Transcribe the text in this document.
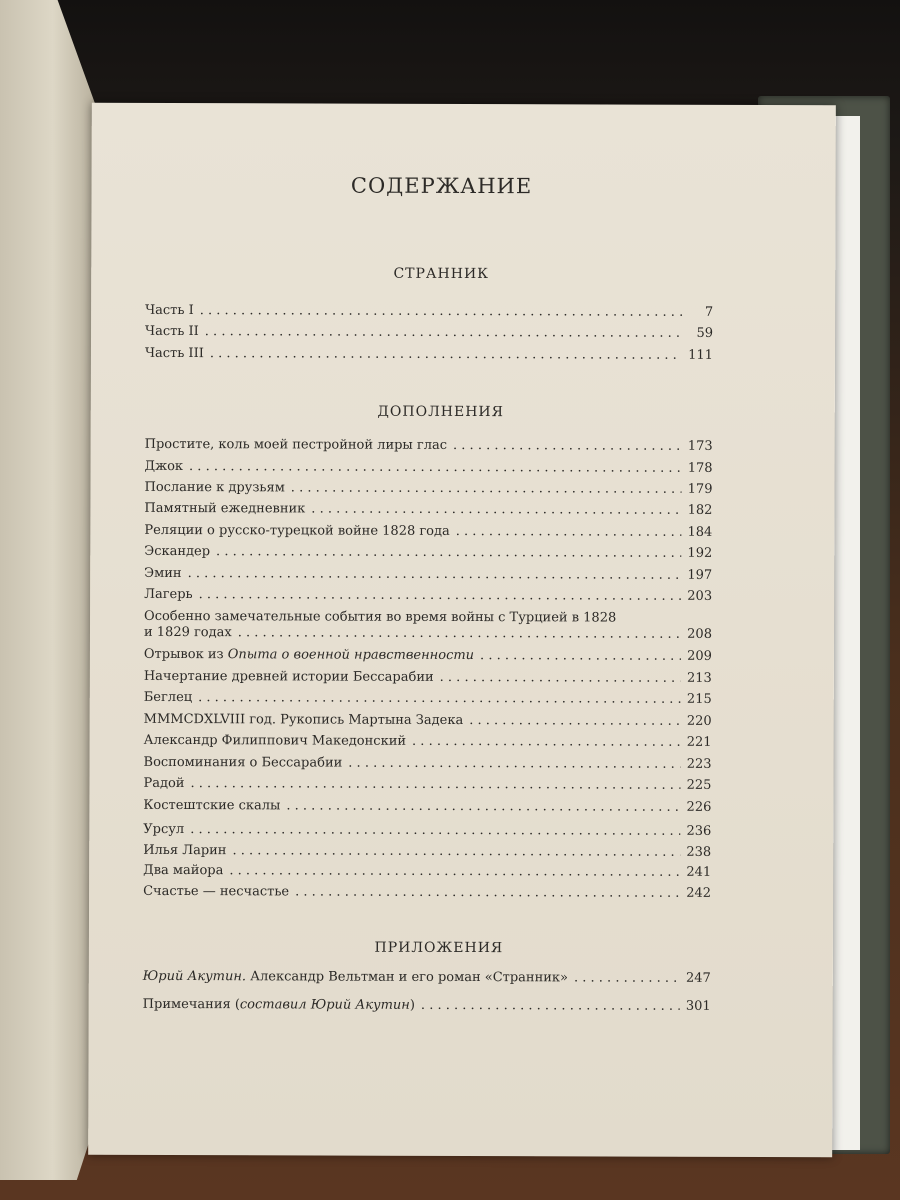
СОДЕРЖАНИЕ
СТРАННИК
Часть I . . .	7
Часть II . . .	59
Часть III . . .	111
ДОПОЛНЕНИЯ
Простите, коль моей пестройной лиры глас . . .	173
Джок . . .	178
Послание к друзьям . . .	179
Памятный ежедневник . . .	182
Реляции о русско-турецкой войне 1828 года . . .	184
Эскандер . . .	192
Эмин . . .	197
Лагерь . . .	203
Особенно замечательные события во время войны с Турцией в 1828
и 1829 годах . . .	208
Отрывок из Опыта о военной нравственности . . .	209
Начертание древней истории Бессарабии . . .	213
Беглец . . .	215
MMMCDXLVIII год. Рукопись Мартына Задека . . .	220
Александр Филиппович Македонский . . .	221
Воспоминания о Бессарабии . . .	223
Радой . . .	225
Костештские скалы . . .	226
Урсул . . .	236
Илья Ларин . . .	238
Два майора . . .	241
Счастье — несчастье . . .	242
ПРИЛОЖЕНИЯ
Юрий Акутин. Александр Вельтман и его роман «Странник» . . .	247
Примечания (составил Юрий Акутин) . . .	301
